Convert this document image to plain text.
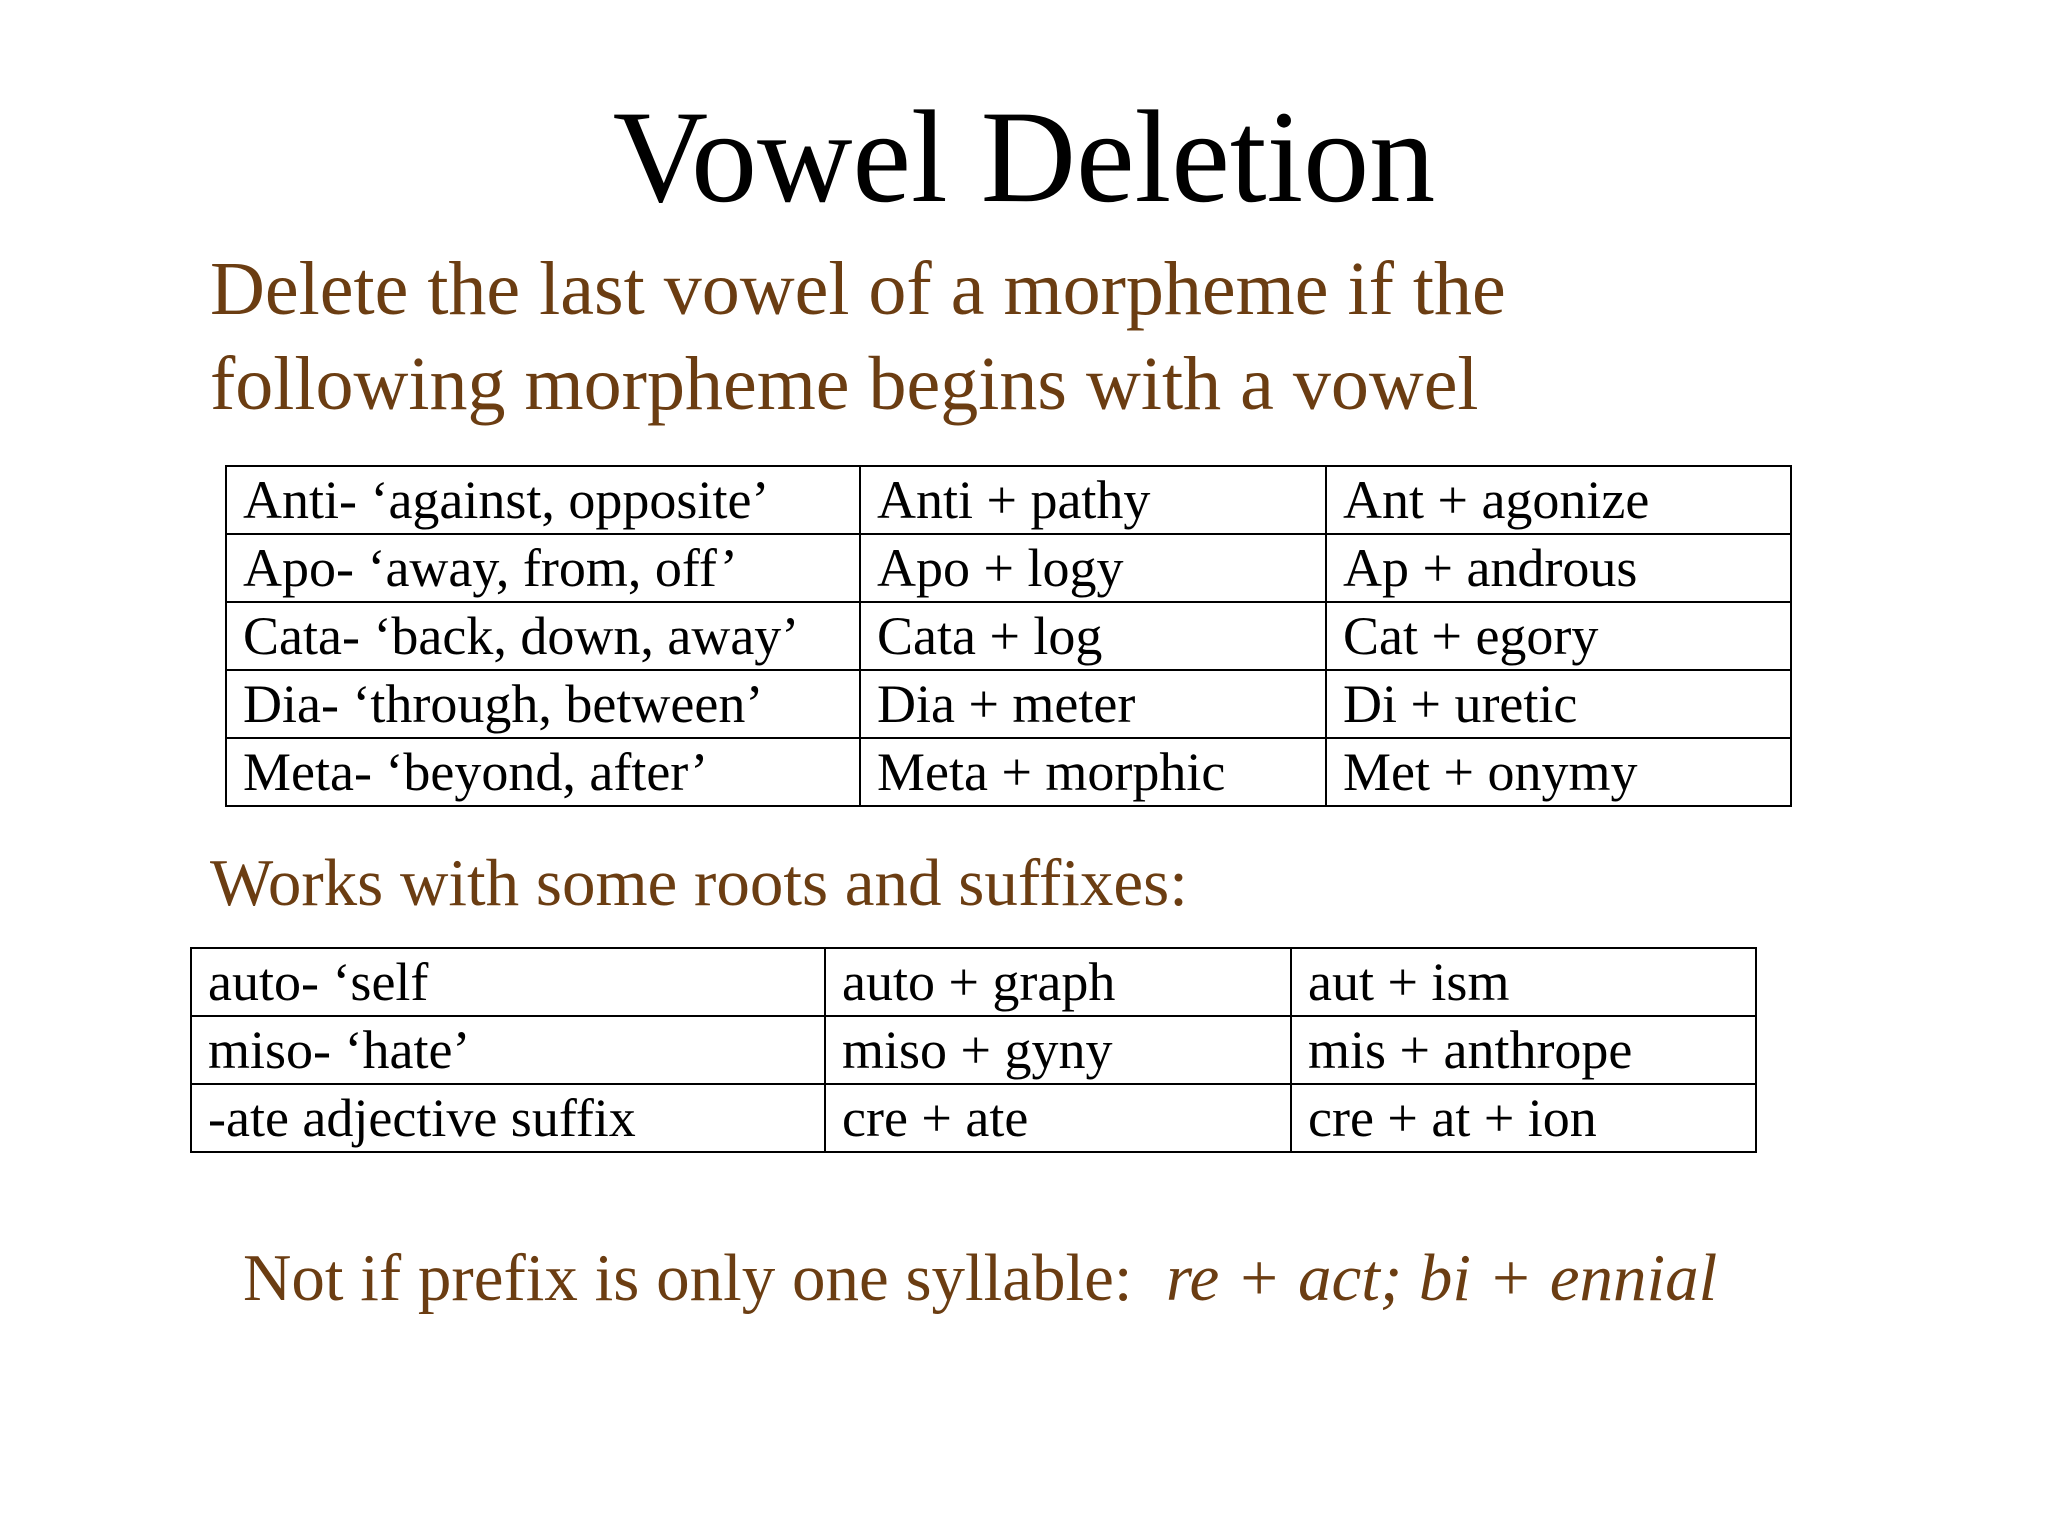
Vowel Deletion
Delete the last vowel of a morpheme if the
following morpheme begins with a vowel
Anti- ‘against, opposite’	Anti + pathy	Ant + agonize
Apo- ‘away, from, off’	Apo + logy	Ap + androus
Cata- ‘back, down, away’	Cata + log	Cat + egory
Dia- ‘through, between’	Dia + meter	Di + uretic
Meta- ‘beyond, after’	Meta + morphic	Met + onymy
Works with some roots and suffixes:
auto- ‘self	auto + graph	aut + ism
miso- ‘hate’	miso + gyny	mis + anthrope
-ate adjective suffix	cre + ate	cre + at + ion
Not if prefix is only one syllable: re + act; bi + ennial
